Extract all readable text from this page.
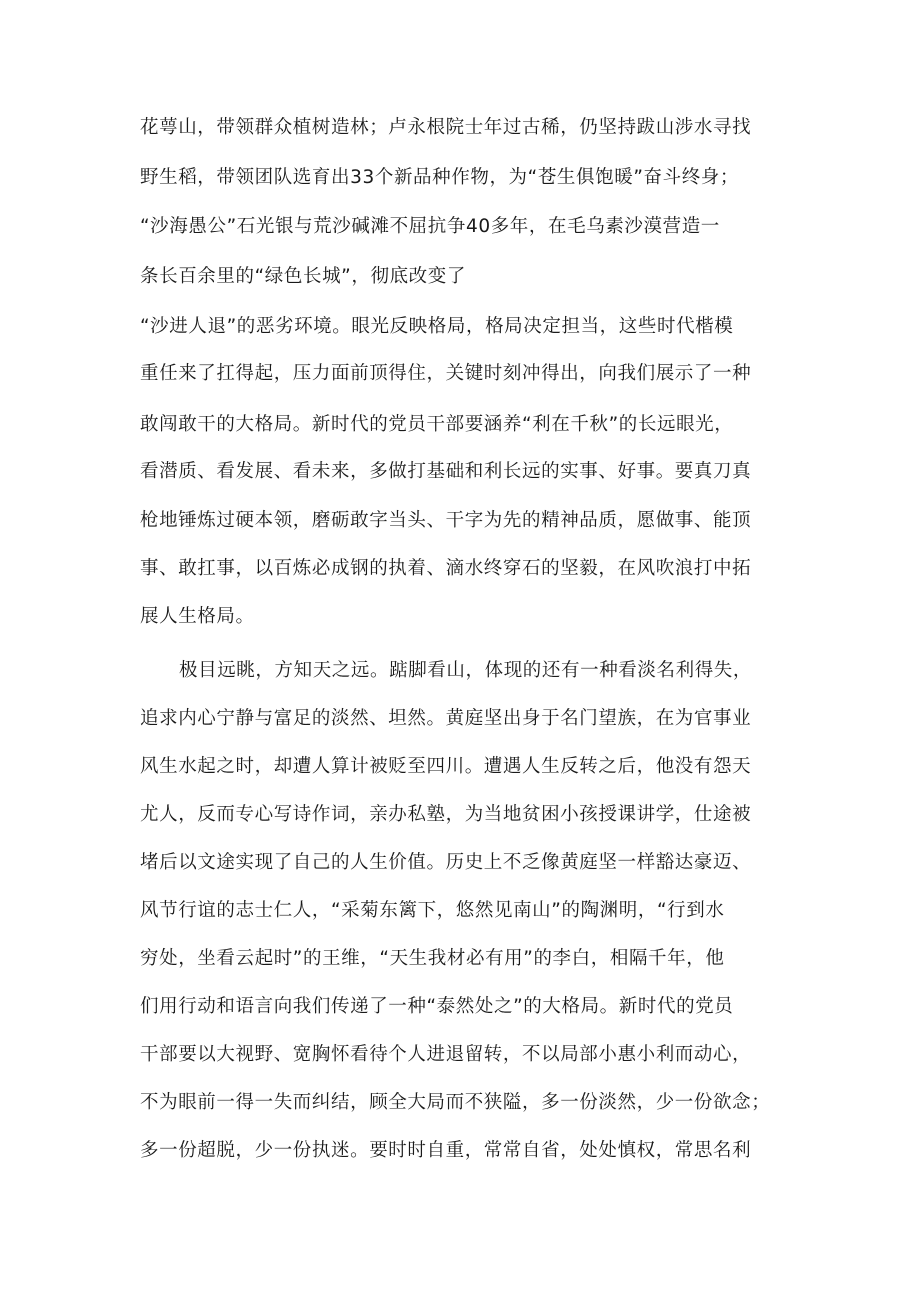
花萼山，带领群众植树造林；卢永根院士年过古稀，仍坚持跋山涉水寻找
野生稻，带领团队选育出33个新品种作物，为“苍生俱饱暖”奋斗终身；
“沙海愚公”石光银与荒沙碱滩不屈抗争40多年，在毛乌素沙漠营造一
条长百余里的“绿色长城”，彻底改变了
“沙进人退”的恶劣环境。眼光反映格局，格局决定担当，这些时代楷模
重任来了扛得起，压力面前顶得住，关键时刻冲得出，向我们展示了一种
敢闯敢干的大格局。新时代的党员干部要涵养“利在千秋”的长远眼光，
看潜质、看发展、看未来，多做打基础和利长远的实事、好事。要真刀真
枪地锤炼过硬本领，磨砺敢字当头、干字为先的精神品质，愿做事、能顶
事、敢扛事，以百炼必成钢的执着、滴水终穿石的坚毅，在风吹浪打中拓
展人生格局。
极目远眺，方知天之远。踮脚看山，体现的还有一种看淡名利得失，
追求内心宁静与富足的淡然、坦然。黄庭坚出身于名门望族，在为官事业
风生水起之时，却遭人算计被贬至四川。遭遇人生反转之后，他没有怨天
尤人，反而专心写诗作词，亲办私塾，为当地贫困小孩授课讲学，仕途被
堵后以文途实现了自己的人生价值。历史上不乏像黄庭坚一样豁达豪迈、
风节行谊的志士仁人，“采菊东篱下，悠然见南山”的陶渊明，“行到水
穷处，坐看云起时”的王维，“天生我材必有用”的李白，相隔千年，他
们用行动和语言向我们传递了一种“泰然处之”的大格局。新时代的党员
干部要以大视野、宽胸怀看待个人进退留转，不以局部小惠小利而动心，
不为眼前一得一失而纠结，顾全大局而不狭隘，多一份淡然，少一份欲念；
多一份超脱，少一份执迷。要时时自重，常常自省，处处慎权，常思名利
